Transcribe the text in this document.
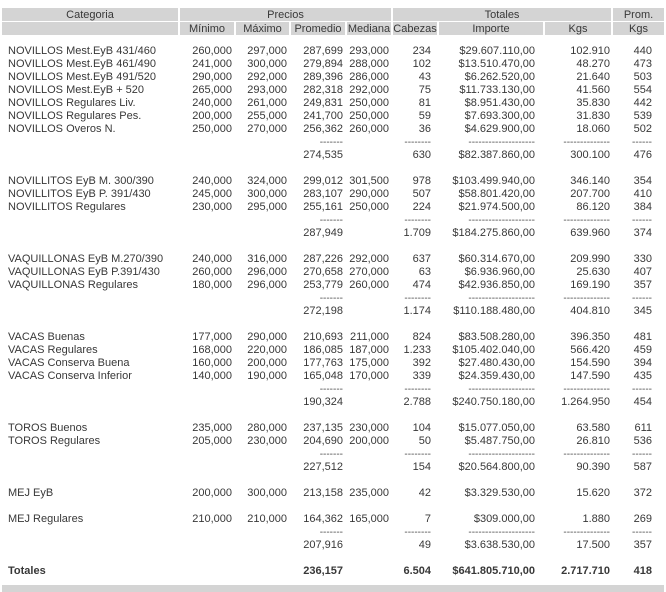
Categoria	Precios				Totales			Prom.
	Mínimo	Máximo	Promedio	Mediana	Cabezas	Importe	Kgs	Kgs

NOVILLOS Mest.EyB 431/460	260,000	297,000	287,699	293,000	234	$29.607.110,00	102.910	440
NOVILLOS Mest.EyB 461/490	241,000	300,000	279,894	288,000	102	$13.510.470,00	48.270	473
NOVILLOS Mest.EyB 491/520	290,000	292,000	289,396	286,000	43	$6.262.520,00	21.640	503
NOVILLOS Mest.EyB + 520	265,000	293,000	282,318	292,000	75	$11.733.130,00	41.560	554
NOVILLOS Regulares Liv.	240,000	261,000	249,831	250,000	81	$8.951.430,00	35.830	442
NOVILLOS Regulares Pes.	200,000	255,000	241,700	250,000	59	$7.693.300,00	31.830	539
NOVILLOS Overos N.	250,000	270,000	256,362	260,000	36	$4.629.900,00	18.060	502
			-------		--------	--------------------	--------------	------
			274,535		630	$82.387.860,00	300.100	476

NOVILLITOS EyB M. 300/390	240,000	324,000	299,012	301,500	978	$103.499.940,00	346.140	354
NOVILLITOS EyB P. 391/430	245,000	300,000	283,107	290,000	507	$58.801.420,00	207.700	410
NOVILLITOS Regulares	230,000	295,000	255,161	250,000	224	$21.974.500,00	86.120	384
			-------		--------	--------------------	--------------	------
			287,949		1.709	$184.275.860,00	639.960	374

VAQUILLONAS EyB M.270/390	240,000	316,000	287,226	292,000	637	$60.314.670,00	209.990	330
VAQUILLONAS EyB P.391/430	260,000	296,000	270,658	270,000	63	$6.936.960,00	25.630	407
VAQUILLONAS Regulares	180,000	296,000	253,779	260,000	474	$42.936.850,00	169.190	357
			-------		--------	--------------------	--------------	------
			272,198		1.174	$110.188.480,00	404.810	345

VACAS Buenas	177,000	290,000	210,693	211,000	824	$83.508.280,00	396.350	481
VACAS Regulares	168,000	220,000	186,085	187,000	1.233	$105.402.040,00	566.420	459
VACAS Conserva Buena	160,000	200,000	177,763	175,000	392	$27.480.430,00	154.590	394
VACAS Conserva Inferior	140,000	190,000	165,048	170,000	339	$24.359.430,00	147.590	435
			-------		--------	--------------------	--------------	------
			190,324		2.788	$240.750.180,00	1.264.950	454

TOROS Buenos	235,000	280,000	237,135	230,000	104	$15.077.050,00	63.580	611
TOROS Regulares	205,000	230,000	204,690	200,000	50	$5.487.750,00	26.810	536
			-------		--------	--------------------	--------------	------
			227,512		154	$20.564.800,00	90.390	587

MEJ EyB	200,000	300,000	213,158	235,000	42	$3.329.530,00	15.620	372

MEJ Regulares	210,000	210,000	164,362	165,000	7	$309.000,00	1.880	269
			-------		--------	--------------------	--------------	------
			207,916		49	$3.638.530,00	17.500	357

Totales			236,157		6.504	$641.805.710,00	2.717.710	418
